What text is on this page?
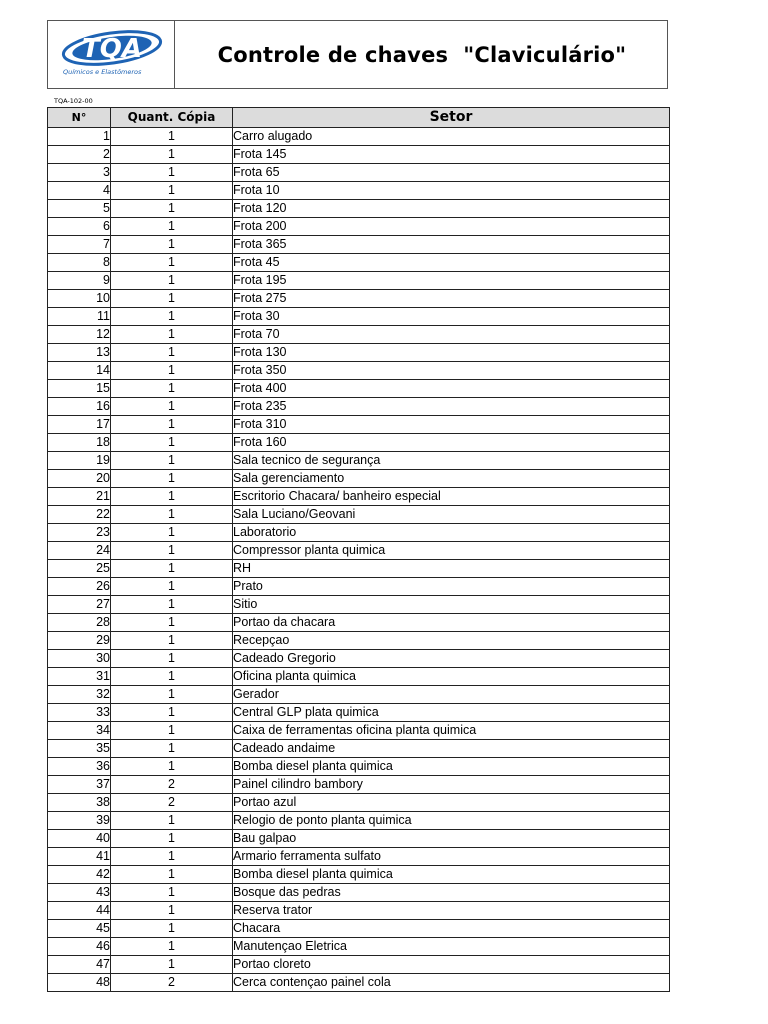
TQA
Químicos e Elastômeros
Controle de chaves  "Claviculário"
TQA-102-00
N°	Quant. Cópia	Setor
1	1	Carro alugado
2	1	Frota 145
3	1	Frota 65
4	1	Frota 10
5	1	Frota 120
6	1	Frota 200
7	1	Frota 365
8	1	Frota 45
9	1	Frota 195
10	1	Frota 275
11	1	Frota 30
12	1	Frota 70
13	1	Frota 130
14	1	Frota 350
15	1	Frota 400
16	1	Frota 235
17	1	Frota 310
18	1	Frota 160
19	1	Sala tecnico de segurança
20	1	Sala gerenciamento
21	1	Escritorio Chacara/ banheiro especial
22	1	Sala Luciano/Geovani
23	1	Laboratorio
24	1	Compressor planta quimica
25	1	RH
26	1	Prato
27	1	Sitio
28	1	Portao da chacara
29	1	Recepçao
30	1	Cadeado Gregorio
31	1	Oficina planta quimica
32	1	Gerador
33	1	Central GLP plata quimica
34	1	Caixa de ferramentas oficina planta quimica
35	1	Cadeado andaime
36	1	Bomba diesel planta quimica
37	2	Painel cilindro bambory
38	2	Portao azul
39	1	Relogio de ponto planta quimica
40	1	Bau galpao
41	1	Armario ferramenta sulfato
42	1	Bomba diesel planta quimica
43	1	Bosque das pedras
44	1	Reserva trator
45	1	Chacara
46	1	Manutençao Eletrica
47	1	Portao cloreto
48	2	Cerca contençao painel cola
